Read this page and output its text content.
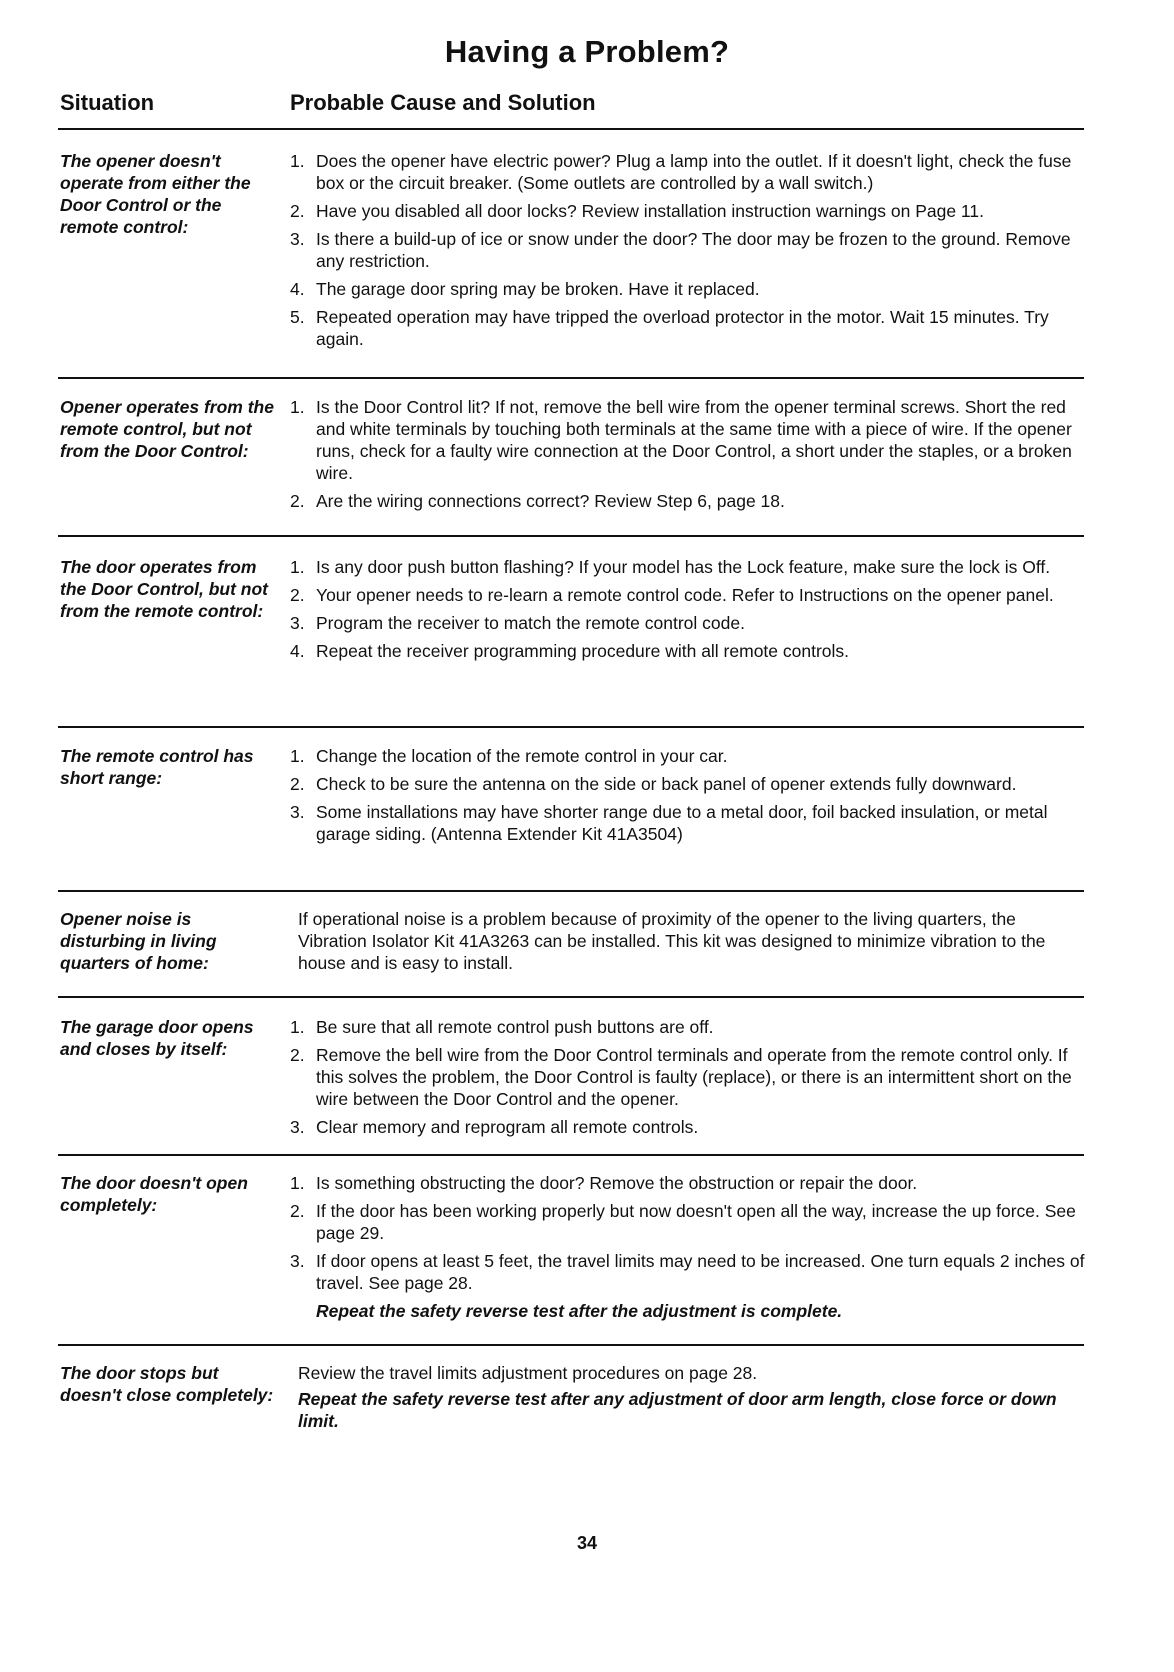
Having a Problem?
Situation	Probable Cause and Solution
The opener doesn't operate from either the Door Control or the remote control:
1. Does the opener have electric power? Plug a lamp into the outlet. If it doesn't light, check the fuse box or the circuit breaker. (Some outlets are controlled by a wall switch.)
2. Have you disabled all door locks? Review installation instruction warnings on Page 11.
3. Is there a build-up of ice or snow under the door? The door may be frozen to the ground. Remove any restriction.
4. The garage door spring may be broken. Have it replaced.
5. Repeated operation may have tripped the overload protector in the motor. Wait 15 minutes. Try again.
Opener operates from the remote control, but not from the Door Control:
1. Is the Door Control lit? If not, remove the bell wire from the opener terminal screws. Short the red and white terminals by touching both terminals at the same time with a piece of wire. If the opener runs, check for a faulty wire connection at the Door Control, a short under the staples, or a broken wire.
2. Are the wiring connections correct? Review Step 6, page 18.
The door operates from the Door Control, but not from the remote control:
1. Is any door push button flashing? If your model has the Lock feature, make sure the lock is Off.
2. Your opener needs to re-learn a remote control code. Refer to Instructions on the opener panel.
3. Program the receiver to match the remote control code.
4. Repeat the receiver programming procedure with all remote controls.
The remote control has short range:
1. Change the location of the remote control in your car.
2. Check to be sure the antenna on the side or back panel of opener extends fully downward.
3. Some installations may have shorter range due to a metal door, foil backed insulation, or metal garage siding. (Antenna Extender Kit 41A3504)
Opener noise is disturbing in living quarters of home:

If operational noise is a problem because of proximity of the opener to the living quarters, the Vibration Isolator Kit 41A3263 can be installed. This kit was designed to minimize vibration to the house and is easy to install.

The garage door opens and closes by itself:
1. Be sure that all remote control push buttons are off.
2. Remove the bell wire from the Door Control terminals and operate from the remote control only. If this solves the problem, the Door Control is faulty (replace), or there is an intermittent short on the wire between the Door Control and the opener.
3. Clear memory and reprogram all remote controls.
The door doesn't open completely:
1. Is something obstructing the door? Remove the obstruction or repair the door.
2. If the door has been working properly but now doesn't open all the way, increase the up force. See page 29.
3. If door opens at least 5 feet, the travel limits may need to be increased. One turn equals 2 inches of travel. See page 28.
Repeat the safety reverse test after the adjustment is complete.
The door stops but doesn't close completely:
Review the travel limits adjustment procedures on page 28.
Repeat the safety reverse test after any adjustment of door arm length, close force or down limit.
34
